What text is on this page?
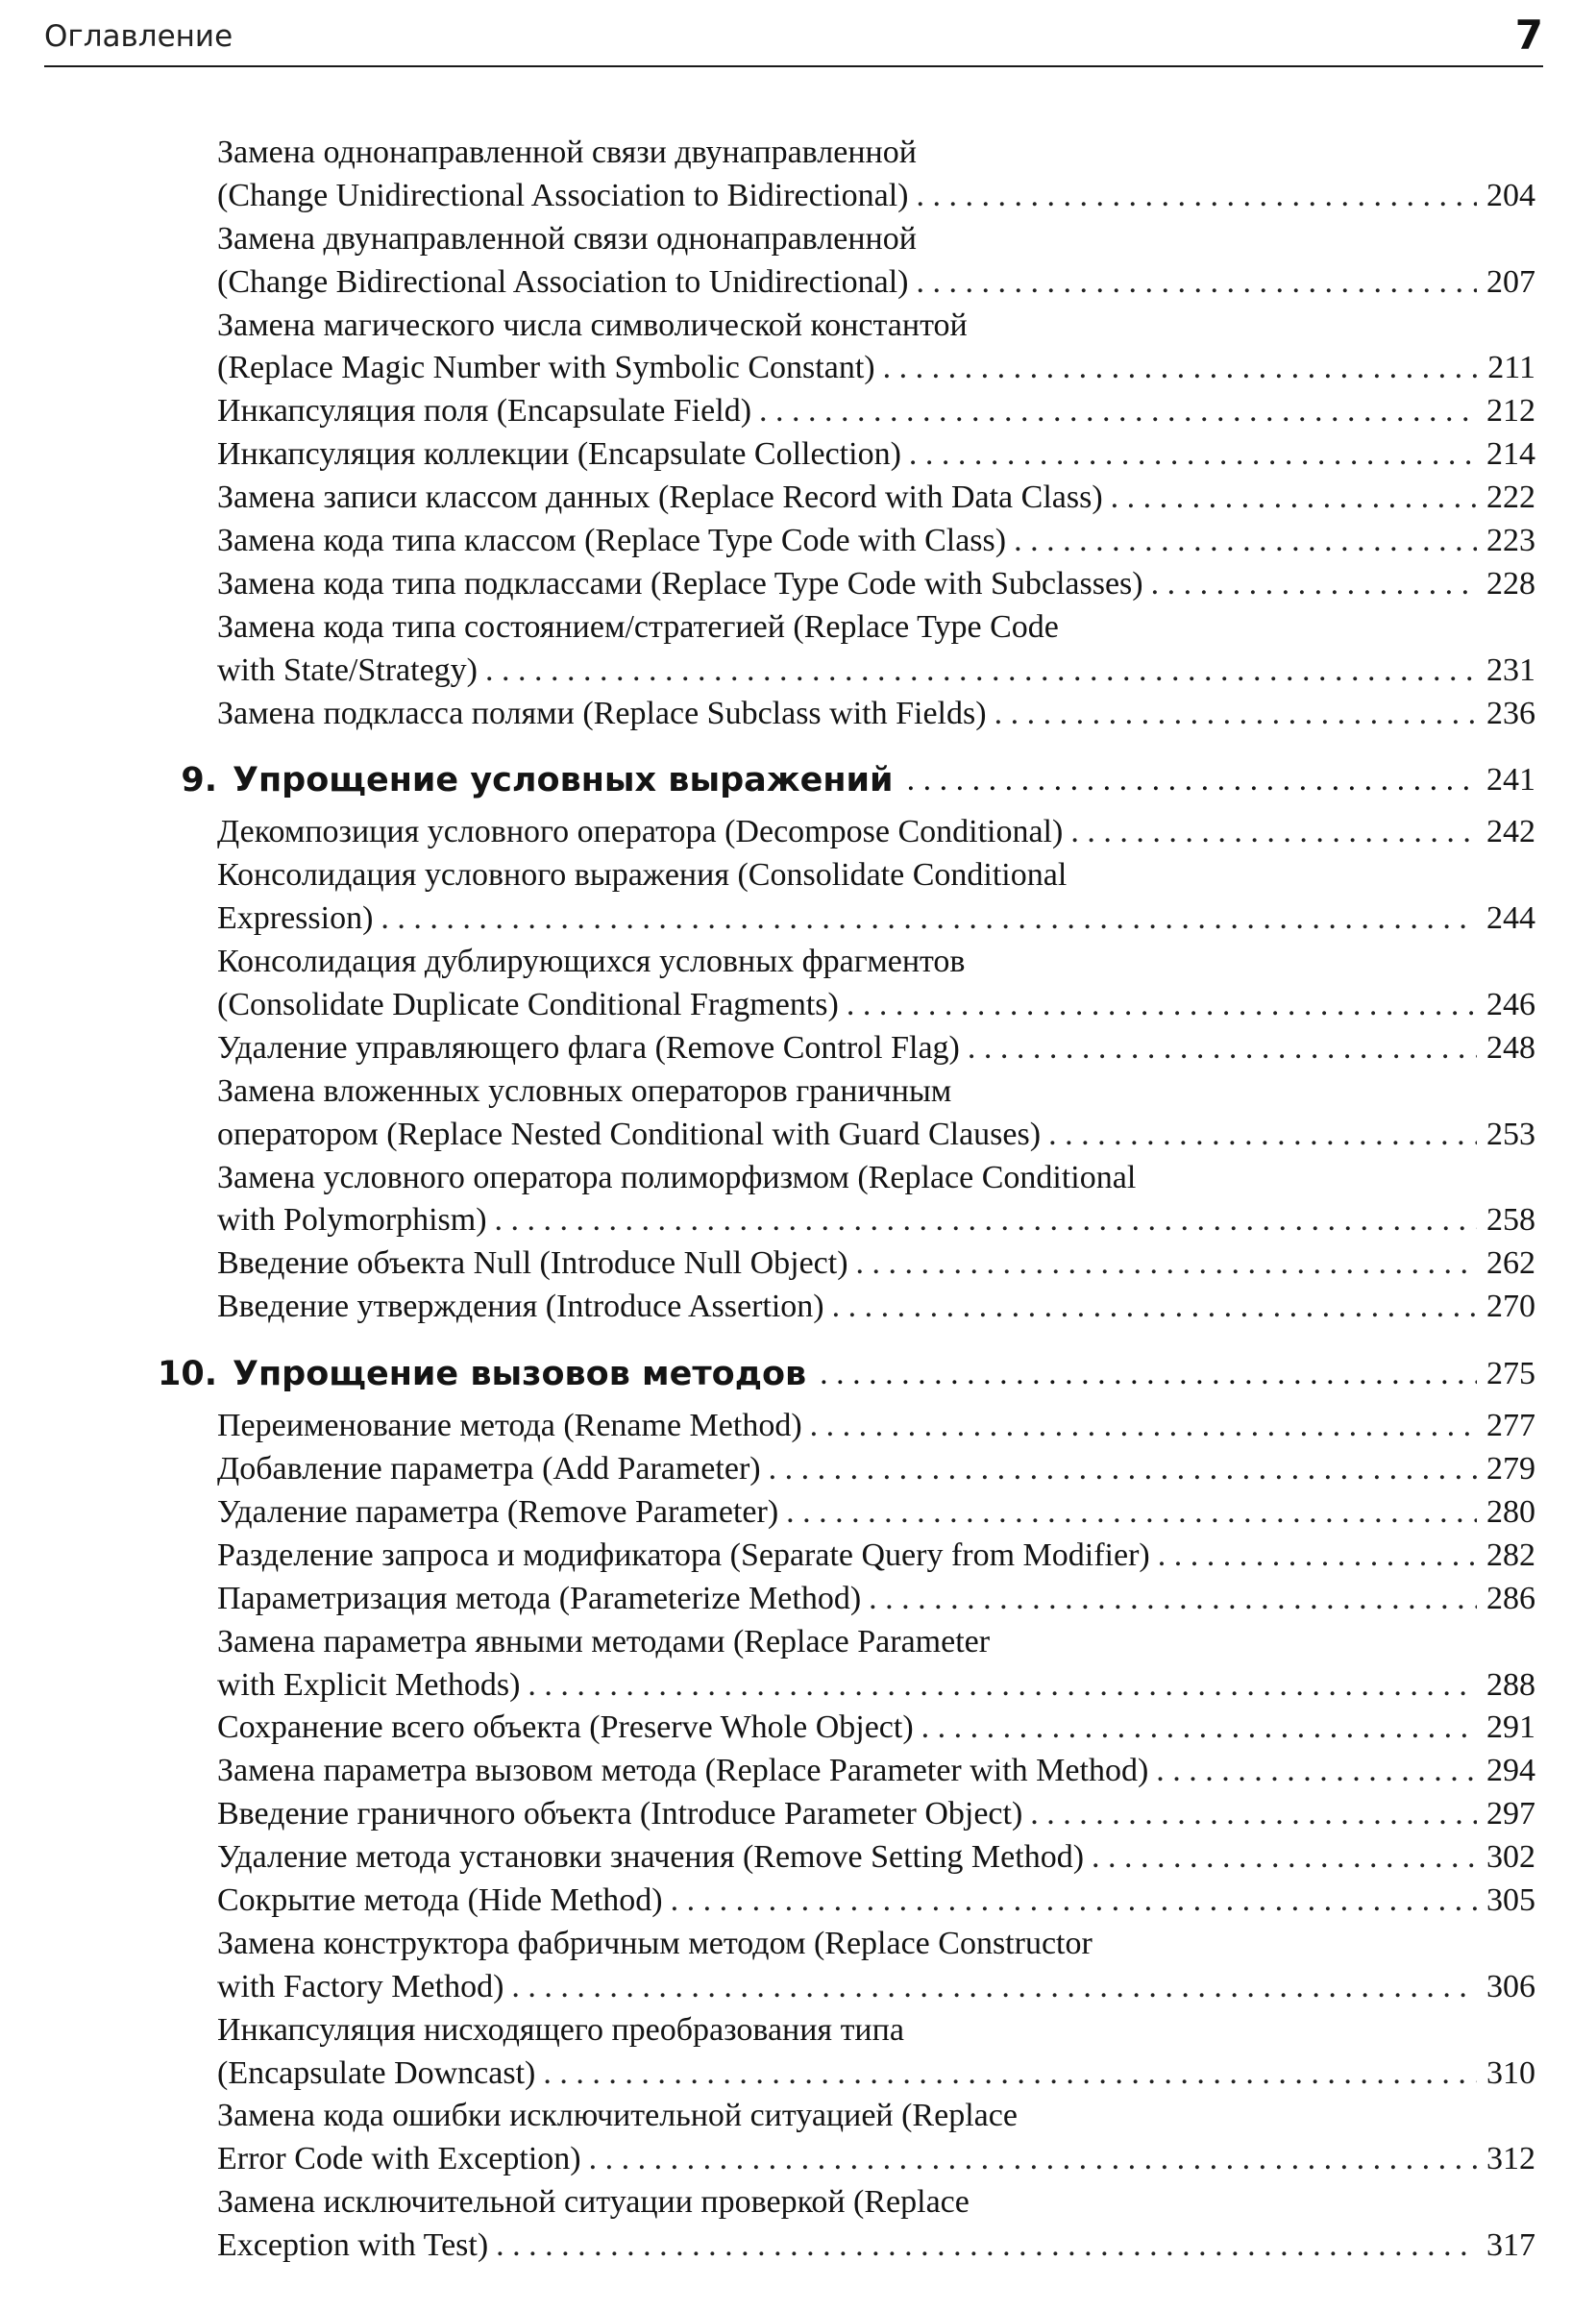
Оглавление	7
Замена однонаправленной связи двунаправленной
(Change Unidirectional Association to Bidirectional) . . .	204
Замена двунаправленной связи однонаправленной
(Change Bidirectional Association to Unidirectional) . . .	207
Замена магического числа символической константой
(Replace Magic Number with Symbolic Constant) . . .	211
Инкапсуляция поля (Encapsulate Field) . . .	212
Инкапсуляция коллекции (Encapsulate Collection) . . .	214
Замена записи классом данных (Replace Record with Data Class) . . .	222
Замена кода типа классом (Replace Type Code with Class) . . .	223
Замена кода типа подклассами (Replace Type Code with Subclasses) . . .	228
Замена кода типа состоянием/стратегией (Replace Type Code
with State/Strategy) . . .	231
Замена подкласса полями (Replace Subclass with Fields) . . .	236
9. Упрощение условных выражений . . .	241
Декомпозиция условного оператора (Decompose Conditional) . . .	242
Консолидация условного выражения (Consolidate Conditional
Expression) . . .	244
Консолидация дублирующихся условных фрагментов
(Consolidate Duplicate Conditional Fragments) . . .	246
Удаление управляющего флага (Remove Control Flag) . . .	248
Замена вложенных условных операторов граничным
оператором (Replace Nested Conditional with Guard Clauses) . . .	253
Замена условного оператора полиморфизмом (Replace Conditional
with Polymorphism) . . .	258
Введение объекта Null (Introduce Null Object) . . .	262
Введение утверждения (Introduce Assertion) . . .	270
10. Упрощение вызовов методов . . .	275
Переименование метода (Rename Method) . . .	277
Добавление параметра (Add Parameter) . . .	279
Удаление параметра (Remove Parameter) . . .	280
Разделение запроса и модификатора (Separate Query from Modifier) . . .	282
Параметризация метода (Parameterize Method) . . .	286
Замена параметра явными методами (Replace Parameter
with Explicit Methods) . . .	288
Сохранение всего объекта (Preserve Whole Object) . . .	291
Замена параметра вызовом метода (Replace Parameter with Method) . . .	294
Введение граничного объекта (Introduce Parameter Object) . . .	297
Удаление метода установки значения (Remove Setting Method) . . .	302
Сокрытие метода (Hide Method) . . .	305
Замена конструктора фабричным методом (Replace Constructor
with Factory Method) . . .	306
Инкапсуляция нисходящего преобразования типа
(Encapsulate Downcast) . . .	310
Замена кода ошибки исключительной ситуацией (Replace
Error Code with Exception) . . .	312
Замена исключительной ситуации проверкой (Replace
Exception with Test) . . .	317
